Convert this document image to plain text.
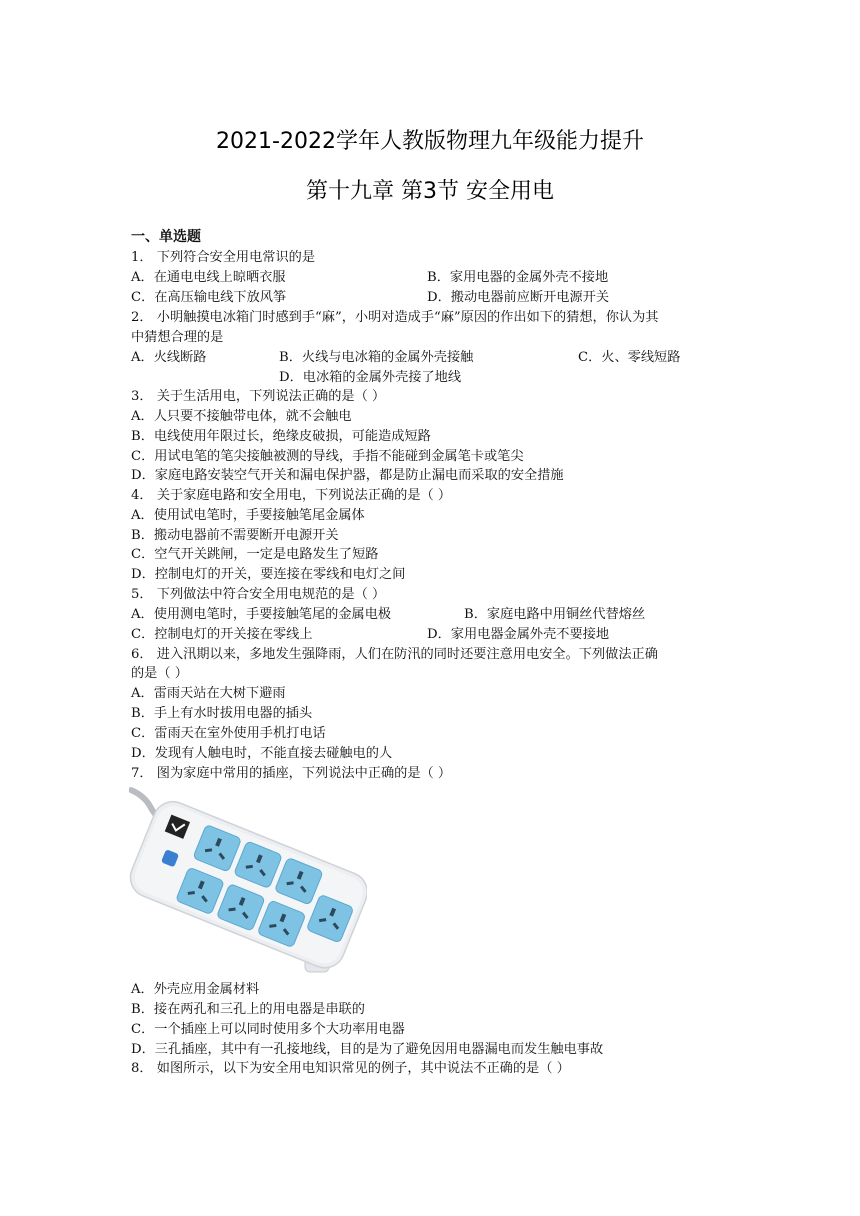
2021-2022学年人教版物理九年级能力提升
第十九章 第3节 安全用电
一、单选题
1． 下列符合安全用电常识的是
A．在通电电线上晾晒衣服	B．家用电器的金属外壳不接地
C．在高压输电线下放风筝	D．搬动电器前应断开电源开关
2． 小明触摸电冰箱门时感到手“麻”，小明对造成手“麻”原因的作出如下的猜想，你认为其
中猜想合理的是
A．火线断路	B．火线与电冰箱的金属外壳接触	C．火、零线短路
D．电冰箱的金属外壳接了地线
3． 关于生活用电，下列说法正确的是（ ）
A．人只要不接触带电体，就不会触电
B．电线使用年限过长，绝缘皮破损，可能造成短路
C．用试电笔的笔尖接触被测的导线，手指不能碰到金属笔卡或笔尖
D．家庭电路安装空气开关和漏电保护器，都是防止漏电而采取的安全措施
4． 关于家庭电路和安全用电，下列说法正确的是（ ）
A．使用试电笔时，手要接触笔尾金属体
B．搬动电器前不需要断开电源开关
C．空气开关跳闸，一定是电路发生了短路
D．控制电灯的开关，要连接在零线和电灯之间
5． 下列做法中符合安全用电规范的是（ ）
A．使用测电笔时，手要接触笔尾的金属电极	B．家庭电路中用铜丝代替熔丝
C．控制电灯的开关接在零线上	D．家用电器金属外壳不要接地
6． 进入汛期以来，多地发生强降雨，人们在防汛的同时还要注意用电安全。下列做法正确
的是（ ）
A．雷雨天站在大树下避雨
B．手上有水时拔用电器的插头
C．雷雨天在室外使用手机打电话
D．发现有人触电时，不能直接去碰触电的人
7． 图为家庭中常用的插座，下列说法中正确的是（ ）
A．外壳应用金属材料
B．接在两孔和三孔上的用电器是串联的
C．一个插座上可以同时使用多个大功率用电器
D．三孔插座，其中有一孔接地线，目的是为了避免因用电器漏电而发生触电事故
8． 如图所示，以下为安全用电知识常见的例子，其中说法不正确的是（ ）
